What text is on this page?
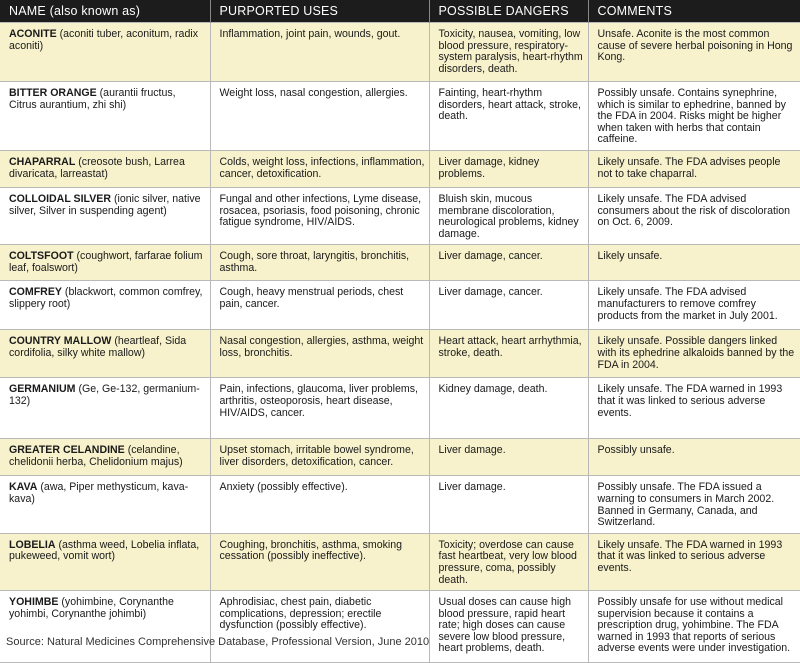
NAME (also known as)	PURPORTED USES	POSSIBLE DANGERS	COMMENTS
ACONITE (aconiti tuber, aconitum, radix aconiti)	Inflammation, joint pain, wounds, gout.	Toxicity, nausea, vomiting, low blood pressure, respiratory-system paralysis, heart-rhythm disorders, death.	Unsafe. Aconite is the most common cause of severe herbal poisoning in Hong Kong.
BITTER ORANGE (aurantii fructus, Citrus aurantium, zhi shi)	Weight loss, nasal congestion, allergies.	Fainting, heart-rhythm disorders, heart attack, stroke, death.	Possibly unsafe. Contains synephrine, which is similar to ephedrine, banned by the FDA in 2004. Risks might be higher when taken with herbs that contain caffeine.
CHAPARRAL (creosote bush, Larrea divaricata, larreastat)	Colds, weight loss, infections, inflammation, cancer, detoxification.	Liver damage, kidney problems.	Likely unsafe. The FDA advises people not to take chaparral.
COLLOIDAL SILVER (ionic silver, native silver, Silver in suspending agent)	Fungal and other infections, Lyme disease, rosacea, psoriasis, food poisoning, chronic fatigue syndrome, HIV/AIDS.	Bluish skin, mucous membrane discoloration, neurological problems, kidney damage.	Likely unsafe. The FDA advised consumers about the risk of discoloration on Oct. 6, 2009.
COLTSFOOT (coughwort, farfarae folium leaf, foalswort)	Cough, sore throat, laryngitis, bronchitis, asthma.	Liver damage, cancer.	Likely unsafe.
COMFREY (blackwort, common comfrey, slippery root)	Cough, heavy menstrual periods, chest pain, cancer.	Liver damage, cancer.	Likely unsafe. The FDA advised manufacturers to remove comfrey products from the market in July 2001.
COUNTRY MALLOW (heartleaf, Sida cordifolia, silky white mallow)	Nasal congestion, allergies, asthma, weight loss, bronchitis.	Heart attack, heart arrhythmia, stroke, death.	Likely unsafe. Possible dangers linked with its ephedrine alkaloids banned by the FDA in 2004.
GERMANIUM (Ge, Ge-132, germanium-132)	Pain, infections, glaucoma, liver problems, arthritis, osteoporosis, heart disease, HIV/AIDS, cancer.	Kidney damage, death.	Likely unsafe. The FDA warned in 1993 that it was linked to serious adverse events.
GREATER CELANDINE (celandine, chelidonii herba, Chelidonium majus)	Upset stomach, irritable bowel syndrome, liver disorders, detoxification, cancer.	Liver damage.	Possibly unsafe.
KAVA (awa, Piper methysticum, kava-kava)	Anxiety (possibly effective).	Liver damage.	Possibly unsafe. The FDA issued a warning to consumers in March 2002. Banned in Germany, Canada, and Switzerland.
LOBELIA (asthma weed, Lobelia inflata, pukeweed, vomit wort)	Coughing, bronchitis, asthma, smoking cessation (possibly ineffective).	Toxicity; overdose can cause fast heartbeat, very low blood pressure, coma, possibly death.	Likely unsafe. The FDA warned in 1993 that it was linked to serious adverse events.
YOHIMBE (yohimbine, Corynanthe yohimbi, Corynanthe johimbi)	Aphrodisiac, chest pain, diabetic complications, depression; erectile dysfunction (possibly effective).	Usual doses can cause high blood pressure, rapid heart rate; high doses can cause severe low blood pressure, heart problems, death.	Possibly unsafe for use without medical supervision because it contains a prescription drug, yohimbine. The FDA warned in 1993 that reports of serious adverse events were under investigation.
Source: Natural Medicines Comprehensive Database, Professional Version, June 2010
